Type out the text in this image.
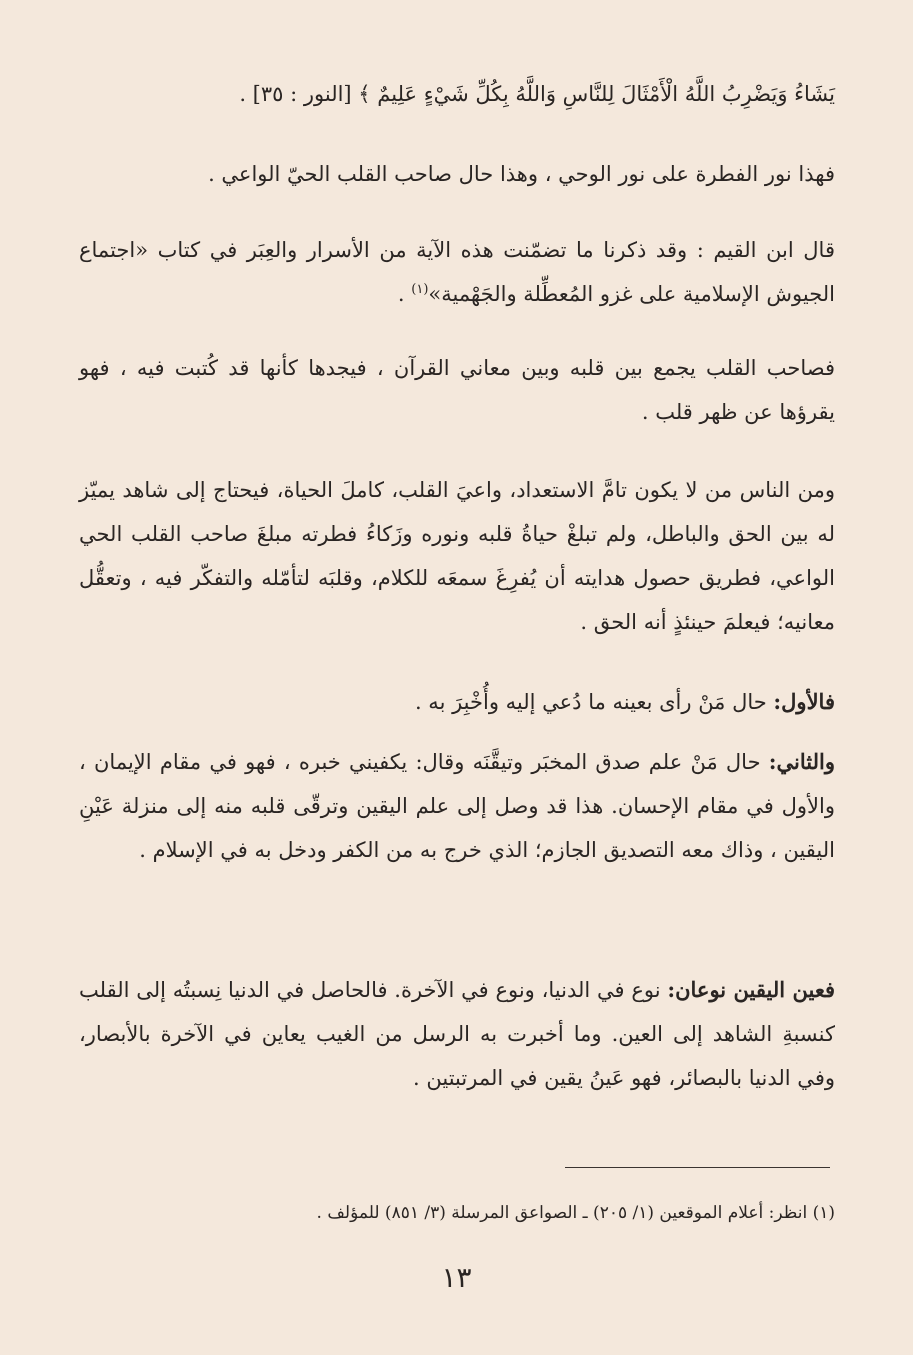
يَشَاءُ وَيَضْرِبُ اللَّهُ الْأَمْثَالَ لِلنَّاسِ وَاللَّهُ بِكُلِّ شَيْءٍ عَلِيمٌ ﴾ [النور : ٣٥] .
فهذا نور الفطرة على نور الوحي ، وهذا حال صاحب القلب الحيّ الواعي .
قال ابن القيم : وقد ذكرنا ما تضمّنت هذه الآية من الأسرار والعِبَر في كتاب «اجتماع الجيوش الإسلامية على غزو المُعطِّلة والجَهْمية»$^{(١)}$ .
فصاحب القلب يجمع بين قلبه وبين معاني القرآن ، فيجدها كأنها قد كُتبت فيه ، فهو يقرؤها عن ظهر قلب .
ومن الناس من لا يكون تامَّ الاستعداد، واعيَ القلب، كاملَ الحياة، فيحتاج إلى شاهد يميّز له بين الحق والباطل، ولم تبلغْ حياةُ قلبه ونوره وزَكاءُ فطرته مبلغَ صاحب القلب الحي الواعي، فطريق حصول هدايته أن يُفرِغَ سمعَه للكلام، وقلبَه لتأمّله والتفكّر فيه ، وتعقُّل معانيه؛ فيعلمَ حينئذٍ أنه الحق .
فالأول: حال مَنْ رأى بعينه ما دُعي إليه وأُخْبِرَ به .
والثاني: حال مَنْ علم صدق المخبَر وتيقَّنَه وقال: يكفيني خبره ، فهو في مقام الإيمان ، والأول في مقام الإحسان. هذا قد وصل إلى علم اليقين وترقّى قلبه منه إلى منزلة عَيْنِ اليقين ، وذاك معه التصديق الجازم؛ الذي خرج به من الكفر ودخل به في الإسلام .
فعين اليقين نوعان: نوع في الدنيا، ونوع في الآخرة. فالحاصل في الدنيا نِسبتُه إلى القلب كنسبةِ الشاهد إلى العين. وما أخبرت به الرسل من الغيب يعاين في الآخرة بالأبصار، وفي الدنيا بالبصائر، فهو عَينُ يقين في المرتبتين .
(١) انظر: أعلام الموقعين (١/ ٢٠٥) ـ الصواعق المرسلة (٣/ ٨٥١) للمؤلف .
١٣
